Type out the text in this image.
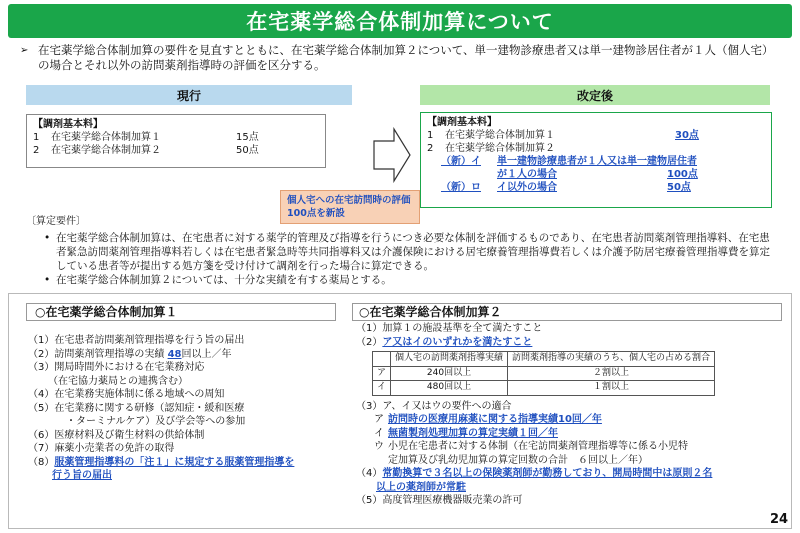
在宅薬学総合体制加算について
➢ 在宅薬学総合体制加算の要件を見直すとともに、在宅薬学総合体制加算２について、単一建物診療患者又は単一建物診居住者が１人（個人宅）の場合とそれ以外の訪問薬剤指導時の評価を区分する。
現行	改定後
【調剤基本料】
1	在宅薬学総合体制加算１	15点
2	在宅薬学総合体制加算２	50点
【調剤基本料】
1	在宅薬学総合体制加算１	30点
2	在宅薬学総合体制加算２
（新）イ	単一建物診療患者が１人又は単一建物居住者
が１人の場合	100点
（新）ロ	イ以外の場合	50点
個人宅への在宅訪問時の評価100点を新設
〔算定要件〕
• 在宅薬学総合体制加算は、在宅患者に対する薬学的管理及び指導を行うにつき必要な体制を評価するものであり、在宅患者訪問薬剤管理指導料、在宅患者緊急訪問薬剤管理指導料若しくは在宅患者緊急時等共同指導料又は介護保険における居宅療養管理指導費若しくは介護予防居宅療養管理指導費を算定している患者等が提出する処方箋を受け付けて調剤を行った場合に算定できる。
• 在宅薬学総合体制加算２については、十分な実績を有する薬局とする。
○在宅薬学総合体制加算１	○在宅薬学総合体制加算２
（1）在宅患者訪問薬剤管理指導を行う旨の届出
（2）訪問薬剤管理指導の実績 48回以上／年
（3）開局時間外における在宅業務対応
（在宅協力薬局との連携含む）
（4）在宅業務実施体制に係る地域への周知
（5）在宅業務に関する研修（認知症・緩和医療
・ターミナルケア）及び学会等への参加
（6）医療材料及び衛生材料の供給体制
（7）麻薬小売業者の免許の取得
（8）服薬管理指導料の「注１」に規定する服薬管理指導を
行う旨の届出
（1）加算１の施設基準を全て満たすこと
（2）ア又はイのいずれかを満たすこと
	個人宅の訪問薬剤指導実績	訪問薬剤指導の実績のうち、個人宅の占める割合
ア	240回以上	２割以上
イ	480回以上	１割以上
（3）ア、イ又はウの要件への適合
ア 訪問時の医療用麻薬に関する指導実績10回／年
イ 無菌製剤処理加算の算定実績１回／年
ウ 小児在宅患者に対する体制（在宅訪問薬剤管理指導等に係る小児特
定加算及び乳幼児加算の算定回数の合計　６回以上／年）
（4）常勤換算で３名以上の保険薬剤師が勤務しており、開局時間中は原則２名
以上の薬剤師が常駐
（5）高度管理医療機器販売業の許可
24
